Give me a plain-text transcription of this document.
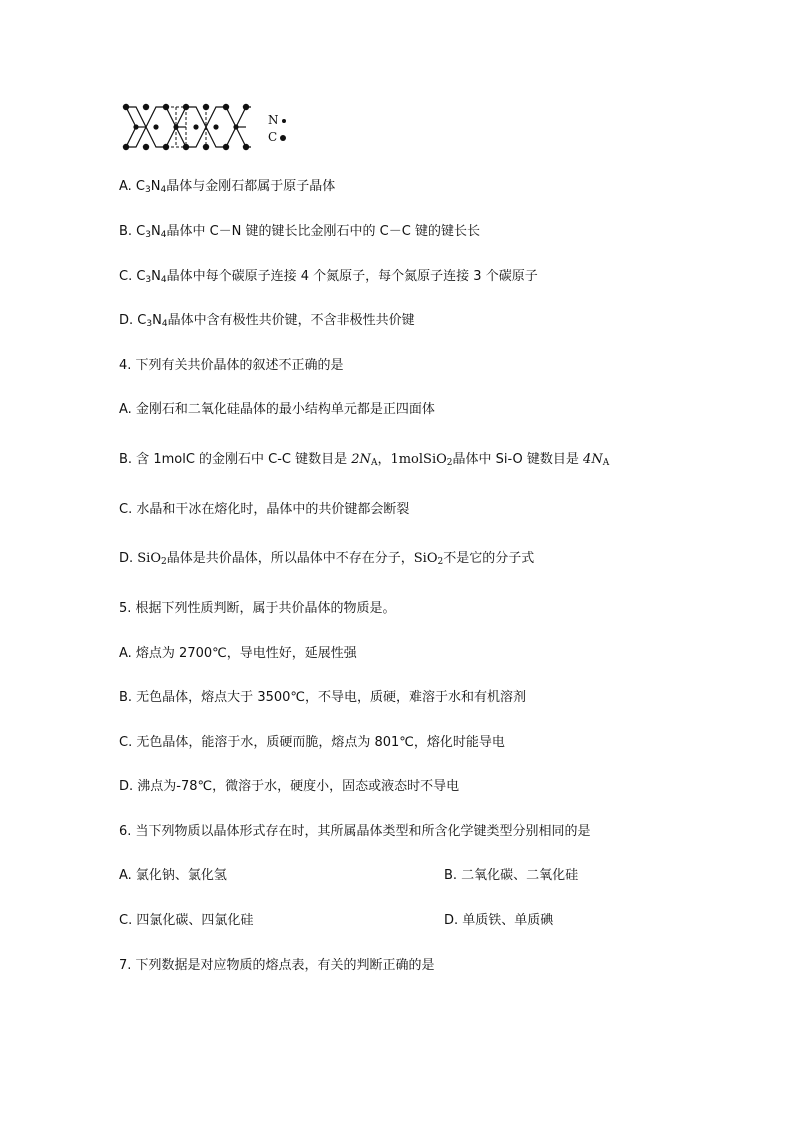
N
C
A. $C_3N_4$晶体与金刚石都属于原子晶体
B. $C_3N_4$晶体中 C－N 键的键长比金刚石中的 C－C 键的键长长
C. $C_3N_4$晶体中每个碳原子连接 4 个氮原子，每个氮原子连接 3 个碳原子
D. $C_3N_4$晶体中含有极性共价键，不含非极性共价键
4. 下列有关共价晶体的叙述不正确的是
A. 金刚石和二氧化硅晶体的最小结构单元都是正四面体
B. 含 1molC 的金刚石中 C-C 键数目是 $2N_A$，1molSiO$_2$晶体中 Si-O 键数目是 $4N_A$
C. 水晶和干冰在熔化时，晶体中的共价键都会断裂
D. SiO$_2$晶体是共价晶体，所以晶体中不存在分子，SiO$_2$不是它的分子式
5. 根据下列性质判断，属于共价晶体的物质是。
A. 熔点为 2700℃，导电性好，延展性强
B. 无色晶体，熔点大于 3500℃，不导电，质硬，难溶于水和有机溶剂
C. 无色晶体，能溶于水，质硬而脆，熔点为 801℃，熔化时能导电
D. 沸点为-78℃，微溶于水，硬度小，固态或液态时不导电
6. 当下列物质以晶体形式存在时，其所属晶体类型和所含化学键类型分别相同的是
A. 氯化钠、氯化氢	B. 二氧化碳、二氧化硅
C. 四氯化碳、四氯化硅	D. 单质铁、单质碘
7. 下列数据是对应物质的熔点表，有关的判断正确的是
